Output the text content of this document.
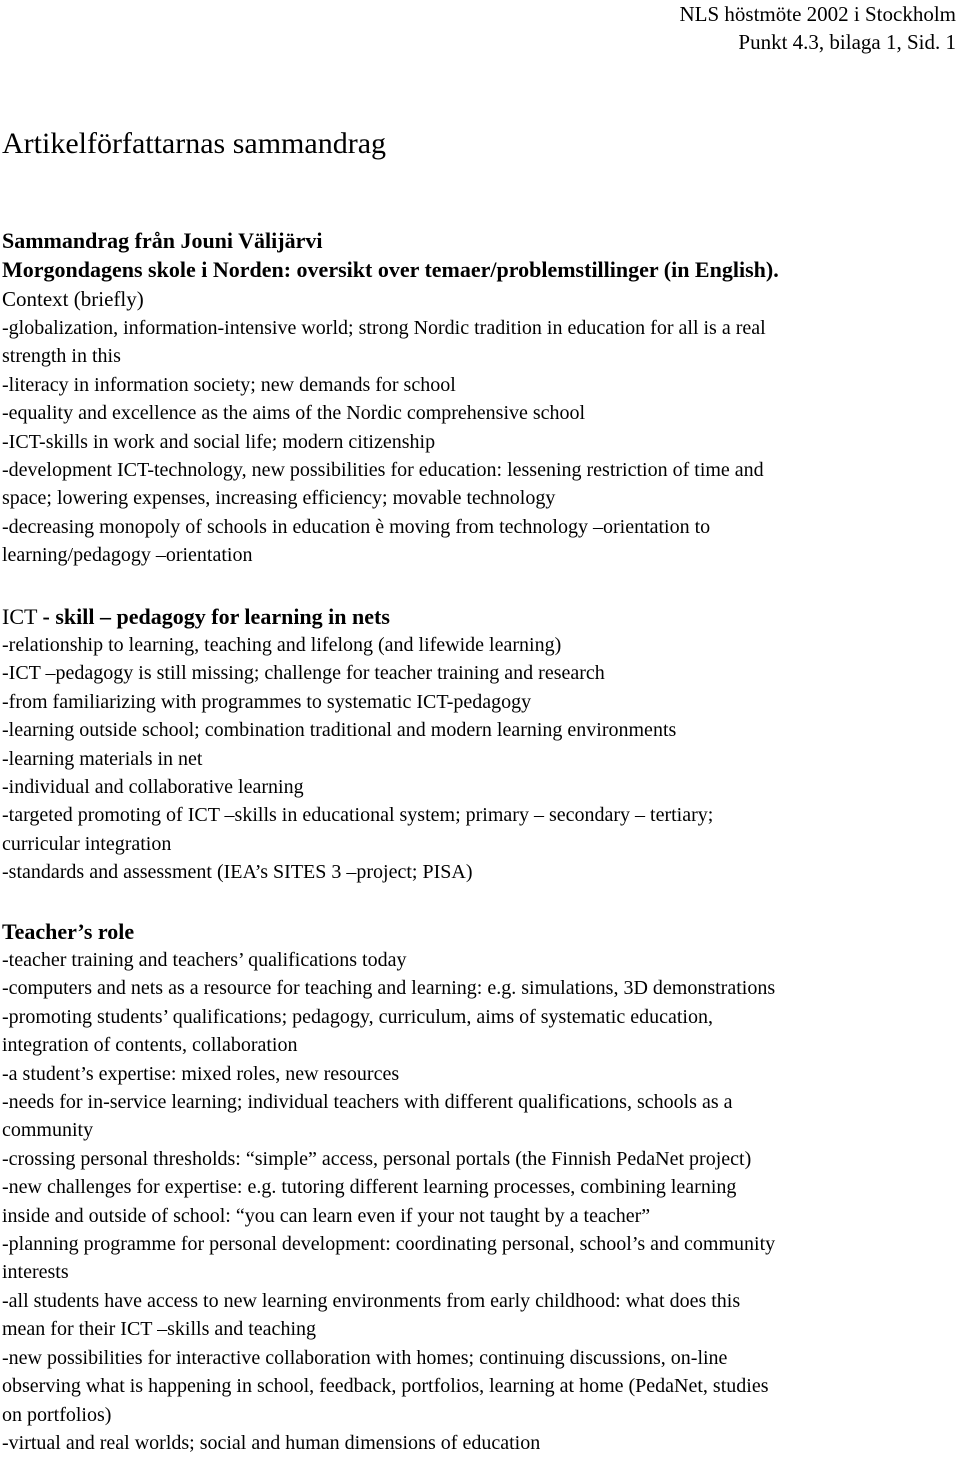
NLS höstmöte 2002 i Stockholm
Punkt 4.3, bilaga 1, Sid. 1
Artikelförfattarnas sammandrag
Sammandrag från Jouni Välijärvi
Morgondagens skole i Norden: oversikt over temaer/problemstillinger (in English).
Context (briefly)
-globalization, information-intensive world; strong Nordic tradition in education for all is a real
strength in this
-literacy in information society; new demands for school
-equality and excellence as the aims of the Nordic comprehensive school
-ICT-skills in work and social life; modern citizenship
-development ICT-technology, new possibilities for education: lessening restriction of time and
space; lowering expenses, increasing efficiency; movable technology
-decreasing monopoly of schools in education è moving from technology –orientation to
learning/pedagogy –orientation
ICT - skill – pedagogy for learning in nets
-relationship to learning, teaching and lifelong (and lifewide learning)
-ICT –pedagogy is still missing; challenge for teacher training and research
-from familiarizing with programmes to systematic ICT-pedagogy
-learning outside school; combination traditional and modern learning environments
-learning materials in net
-individual and collaborative learning
-targeted promoting of ICT –skills in educational system; primary – secondary – tertiary;
curricular integration
-standards and assessment (IEA’s SITES 3 –project; PISA)
Teacher’s role
-teacher training and teachers’ qualifications today
-computers and nets as a resource for teaching and learning: e.g. simulations, 3D demonstrations
-promoting students’ qualifications; pedagogy, curriculum, aims of systematic education,
integration of contents, collaboration
-a student’s expertise: mixed roles, new resources
-needs for in-service learning; individual teachers with different qualifications, schools as a
community
-crossing personal thresholds: “simple” access, personal portals (the Finnish PedaNet project)
-new challenges for expertise: e.g. tutoring different learning processes, combining learning
inside and outside of school: “you can learn even if your not taught by a teacher”
-planning programme for personal development: coordinating personal, school’s and community
interests
-all students have access to new learning environments from early childhood: what does this
mean for their ICT –skills and teaching
-new possibilities for interactive collaboration with homes; continuing discussions, on-line
observing what is happening in school, feedback, portfolios, learning at home (PedaNet, studies
on portfolios)
-virtual and real worlds; social and human dimensions of education
